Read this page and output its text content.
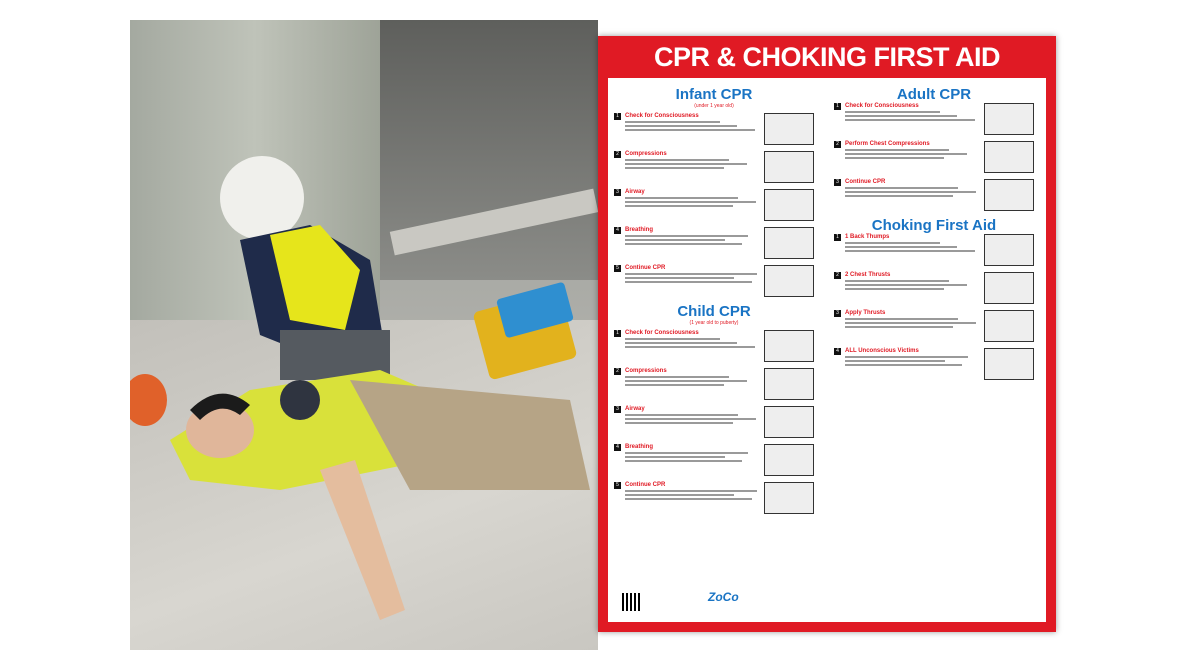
CPR & CHOKING FIRST AID
Infant CPR
(under 1 year old)
1	Check for Consciousness
2	Compressions
3	Airway
4	Breathing
5	Continue CPR
Child CPR
(1 year old to puberty)
1	Check for Consciousness
2	Compressions
3	Airway
4	Breathing
5	Continue CPR
Adult CPR
1	Check for Consciousness
2	Perform Chest Compressions
3	Continue CPR
Choking First Aid
1	1 Back Thumps
2	2 Chest Thrusts
3	Apply Thrusts
4	ALL Unconscious Victims
ZoCo
